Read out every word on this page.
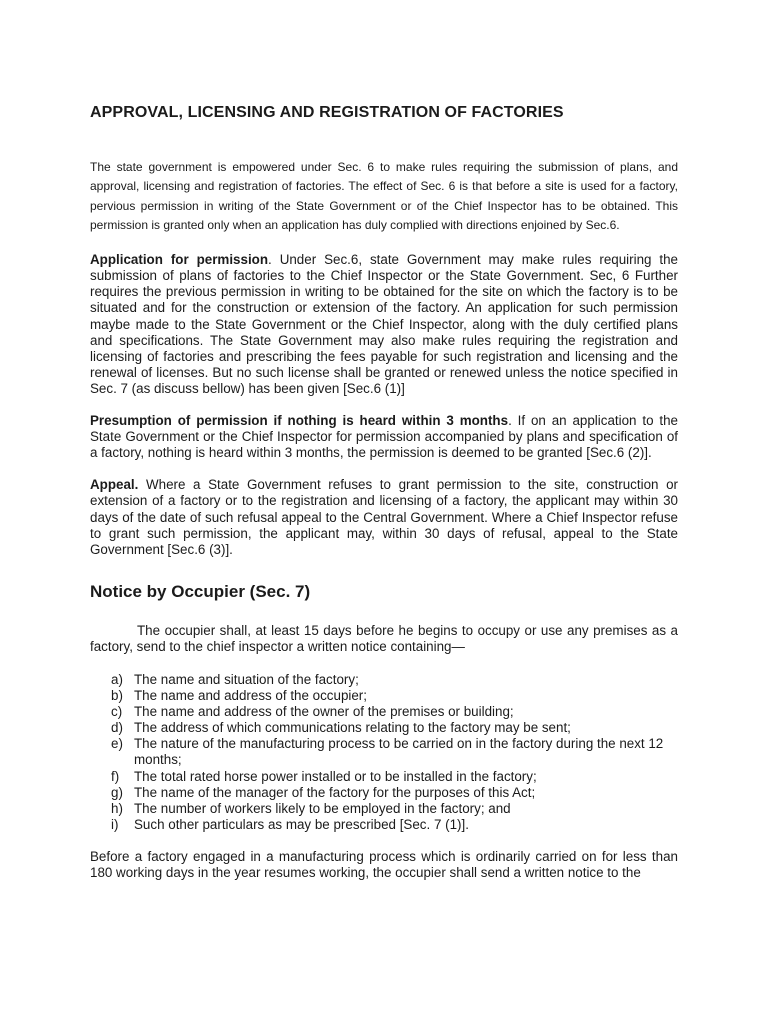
APPROVAL, LICENSING AND REGISTRATION OF FACTORIES

The state government is empowered under Sec. 6 to make rules requiring the submission of plans, and approval, licensing and registration of factories. The effect of Sec. 6 is that before a site is used for a factory, pervious permission in writing of the State Government or of the Chief Inspector has to be obtained. This permission is granted only when an application has duly complied with directions enjoined by Sec.6.

Application for permission. Under Sec.6, state Government may make rules requiring the submission of plans of factories to the Chief Inspector or the State Government. Sec, 6 Further requires the previous permission in writing to be obtained for the site on which the factory is to be situated and for the construction or extension of the factory. An application for such permission maybe made to the State Government or the Chief Inspector, along with the duly certified plans and specifications. The State Government may also make rules requiring the registration and licensing of factories and prescribing the fees payable for such registration and licensing and the renewal of licenses. But no such license shall be granted or renewed unless the notice specified in Sec. 7 (as discuss bellow) has been given [Sec.6 (1)]

Presumption of permission if nothing is heard within 3 months. If on an application to the State Government or the Chief Inspector for permission accompanied by plans and specification of a factory, nothing is heard within 3 months, the permission is deemed to be granted [Sec.6 (2)].

Appeal. Where a State Government refuses to grant permission to the site, construction or extension of a factory or to the registration and licensing of a factory, the applicant may within 30 days of the date of such refusal appeal to the Central Government. Where a Chief Inspector refuse to grant such permission, the applicant may, within 30 days of refusal, appeal to the State Government [Sec.6 (3)].

Notice by Occupier (Sec. 7)

The occupier shall, at least 15 days before he begins to occupy or use any premises as a factory, send to the chief inspector a written notice containing—

a) The name and situation of the factory;
b) The name and address of the occupier;
c) The name and address of the owner of the premises or building;
d) The address of which communications relating to the factory may be sent;
e) The nature of the manufacturing process to be carried on in the factory during the next 12 months;
f)	The total rated horse power installed or to be installed in the factory;
g) The name of the manager of the factory for the purposes of this Act;
h) The number of workers likely to be employed in the factory; and
i)	Such other particulars as may be prescribed [Sec. 7 (1)].

Before a factory engaged in a manufacturing process which is ordinarily carried on for less than 180 working days in the year resumes working, the occupier shall send a written notice to the
